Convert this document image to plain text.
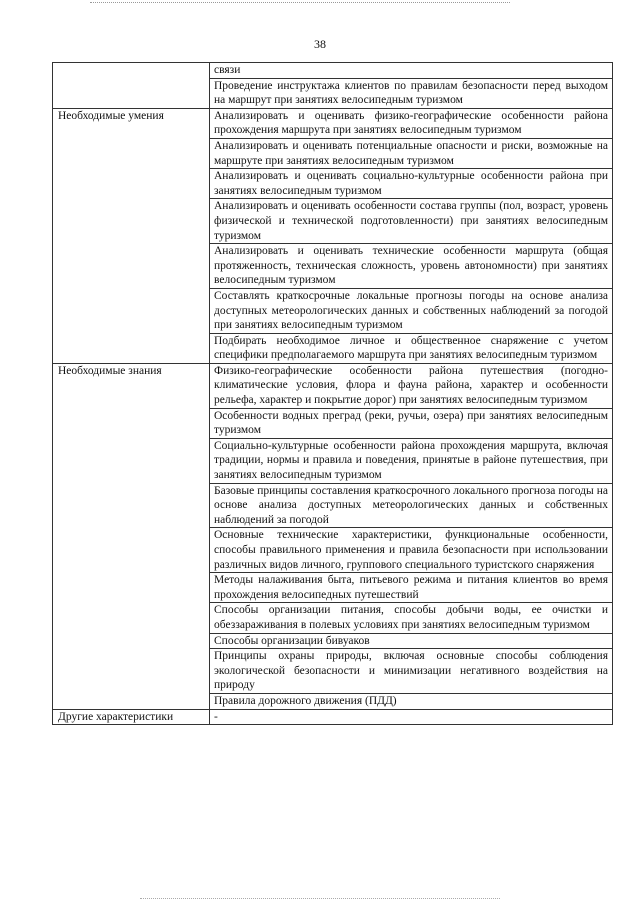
38
	связи
	Проведение инструктажа клиентов по правилам безопасности перед выходом на маршрут при занятиях велосипедным туризмом
Необходимые умения	Анализировать и оценивать физико-географические особенности района прохождения маршрута при занятиях велосипедным туризмом
	Анализировать и оценивать потенциальные опасности и риски, возможные на маршруте при занятиях велосипедным туризмом
	Анализировать и оценивать социально-культурные особенности района при занятиях велосипедным туризмом
	Анализировать и оценивать особенности состава группы (пол, возраст, уровень физической и технической подготовленности) при занятиях велосипедным туризмом
	Анализировать и оценивать технические особенности маршрута (общая протяженность, техническая сложность, уровень автономности) при занятиях велосипедным туризмом
	Составлять краткосрочные локальные прогнозы погоды на основе анализа доступных метеорологических данных и собственных наблюдений за погодой при занятиях велосипедным туризмом
	Подбирать необходимое личное и общественное снаряжение с учетом специфики предполагаемого маршрута при занятиях велосипедным туризмом
Необходимые знания	Физико-географические особенности района путешествия (погодно-климатические условия, флора и фауна района, характер и особенности рельефа, характер и покрытие дорог) при занятиях велосипедным туризмом
	Особенности водных преград (реки, ручьи, озера) при занятиях велосипедным туризмом
	Социально-культурные особенности района прохождения маршрута, включая традиции, нормы и правила и поведения, принятые в районе путешествия, при занятиях велосипедным туризмом
	Базовые принципы составления краткосрочного локального прогноза погоды на основе анализа доступных метеорологических данных и собственных наблюдений за погодой
	Основные технические характеристики, функциональные особенности, способы правильного применения и правила безопасности при использовании различных видов личного, группового специального туристского снаряжения
	Методы налаживания быта, питьевого режима и питания клиентов во время прохождения велосипедных путешествий
	Способы организации питания, способы добычи воды, ее очистки и обеззараживания в полевых условиях при занятиях велосипедным туризмом
	Способы организации бивуаков
	Принципы охраны природы, включая основные способы соблюдения экологической безопасности и минимизации негативного воздействия на природу
	Правила дорожного движения (ПДД)
Другие характеристики	-
